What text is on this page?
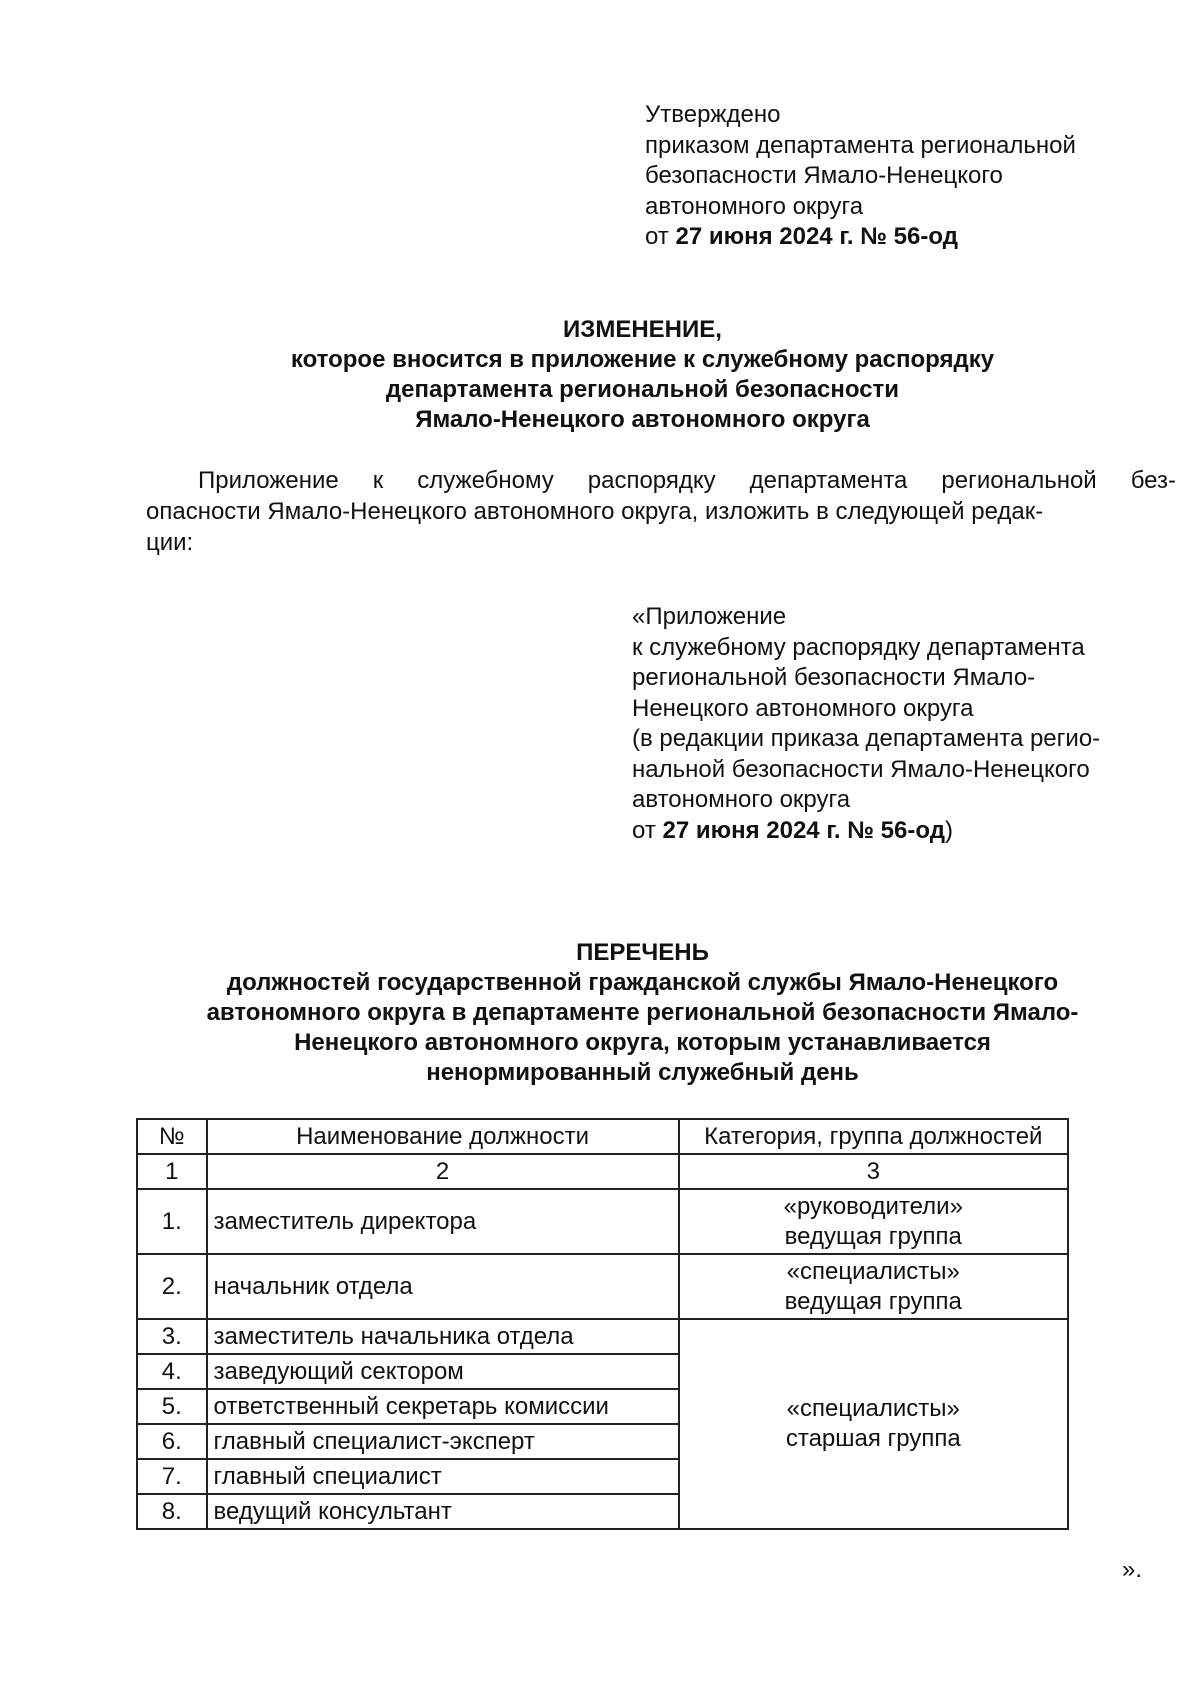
Утверждено
приказом департамента региональной
безопасности Ямало-Ненецкого
автономного округа
от 27 июня 2024 г. № 56-од
ИЗМЕНЕНИЕ,
которое вносится в приложение к служебному распорядку
департамента региональной безопасности
Ямало-Ненецкого автономного округа
Приложение к служебному распорядку департамента региональной без-
опасности Ямало-Ненецкого автономного округа, изложить в следующей редак-
ции:
«Приложение
к служебному распорядку департамента
региональной безопасности Ямало-
Ненецкого автономного округа
(в редакции приказа департамента регио-
нальной безопасности Ямало-Ненецкого
автономного округа
от 27 июня 2024 г. № 56-од)
ПЕРЕЧЕНЬ
должностей государственной гражданской службы Ямало-Ненецкого
автономного округа в департаменте региональной безопасности Ямало-
Ненецкого автономного округа, которым устанавливается
ненормированный служебный день
№	Наименование должности	Категория, группа должностей
1	2	3
1.	заместитель директора	«руководители»
ведущая группа
2.	начальник отдела	«специалисты»
ведущая группа
3.	заместитель начальника отдела	«специалисты»
старшая группа
4.	заведующий сектором	
5.	ответственный секретарь комиссии	
6.	главный специалист-эксперт	
7.	главный специалист	
8.	ведущий консультант	
».
